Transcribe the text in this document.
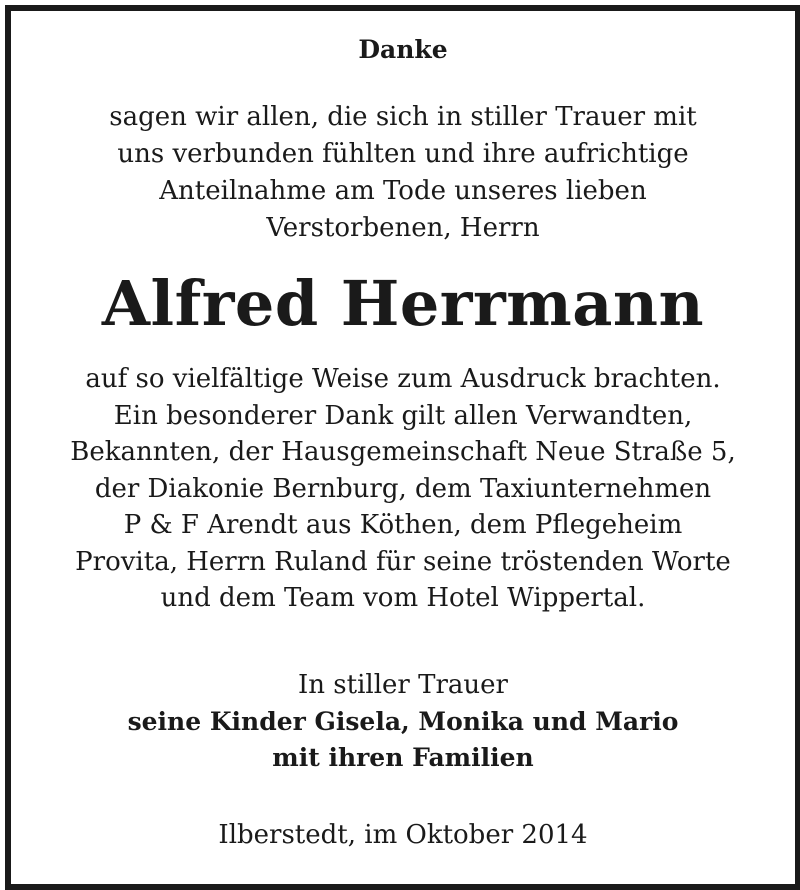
Danke
sagen wir allen, die sich in stiller Trauer mit
uns verbunden fühlten und ihre aufrichtige
Anteilnahme am Tode unseres lieben
Verstorbenen, Herrn
Alfred Herrmann
auf so vielfältige Weise zum Ausdruck brachten.
Ein besonderer Dank gilt allen Verwandten,
Bekannten, der Hausgemeinschaft Neue Straße 5,
der Diakonie Bernburg, dem Taxiunternehmen
P & F Arendt aus Köthen, dem Pflegeheim
Provita, Herrn Ruland für seine tröstenden Worte
und dem Team vom Hotel Wippertal.
In stiller Trauer
seine Kinder Gisela, Monika und Mario
mit ihren Familien
Ilberstedt, im Oktober 2014
